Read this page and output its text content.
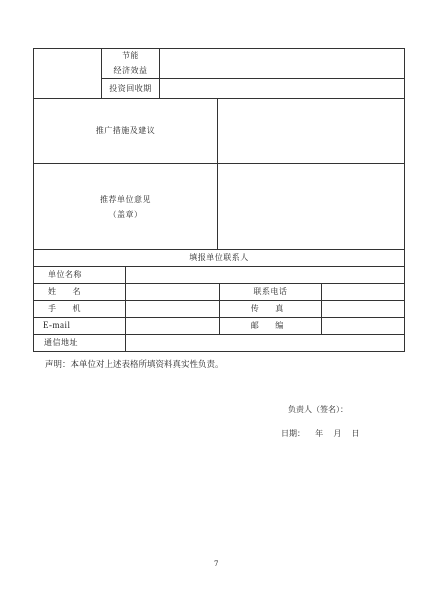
节能
经济效益
投资回收期
推广措施及建议
推荐单位意见
（盖章）
填报单位联系人
单位名称
姓 名
手 机
E-mail
通信地址
联系电话
传 真
邮 编
声明：本单位对上述表格所填资料真实性负责。
负责人（签名）：
日期：    年    月    日
7
